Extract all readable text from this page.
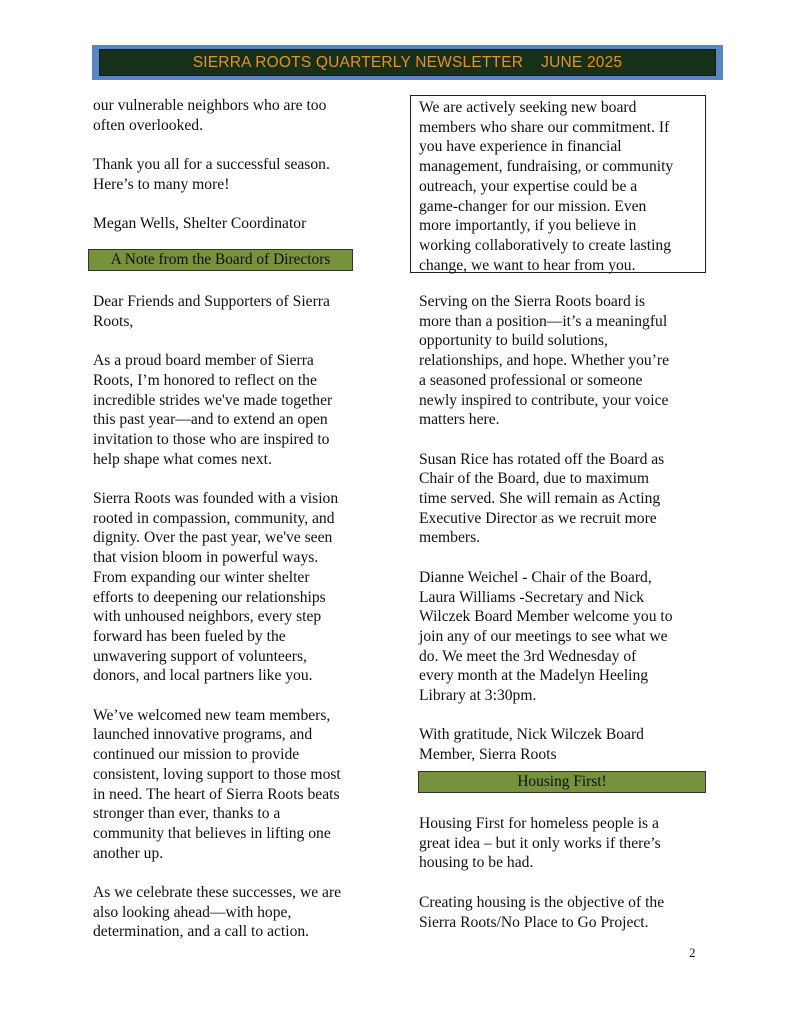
SIERRA ROOTS QUARTERLY NEWSLETTER    JUNE 2025

our vulnerable neighbors who are too
often overlooked.

Thank you all for a successful season.
Here’s to many more!

Megan Wells, Shelter Coordinator

A Note from the Board of Directors

Dear Friends and Supporters of Sierra
Roots,

As a proud board member of Sierra
Roots, I’m honored to reflect on the
incredible strides we've made together
this past year—and to extend an open
invitation to those who are inspired to
help shape what comes next.

Sierra Roots was founded with a vision
rooted in compassion, community, and
dignity. Over the past year, we've seen
that vision bloom in powerful ways.
From expanding our winter shelter
efforts to deepening our relationships
with unhoused neighbors, every step
forward has been fueled by the
unwavering support of volunteers,
donors, and local partners like you.

We’ve welcomed new team members,
launched innovative programs, and
continued our mission to provide
consistent, loving support to those most
in need. The heart of Sierra Roots beats
stronger than ever, thanks to a
community that believes in lifting one
another up.

As we celebrate these successes, we are
also looking ahead—with hope,
determination, and a call to action.

We are actively seeking new board
members who share our commitment. If
you have experience in financial
management, fundraising, or community
outreach, your expertise could be a
game-changer for our mission. Even
more importantly, if you believe in
working collaboratively to create lasting
change, we want to hear from you.

Serving on the Sierra Roots board is
more than a position—it’s a meaningful
opportunity to build solutions,
relationships, and hope. Whether you’re
a seasoned professional or someone
newly inspired to contribute, your voice
matters here.

Susan Rice has rotated off the Board as
Chair of the Board, due to maximum
time served. She will remain as Acting
Executive Director as we recruit more
members.

Dianne Weichel - Chair of the Board,
Laura Williams -Secretary and Nick
Wilczek Board Member welcome you to
join any of our meetings to see what we
do. We meet the 3rd Wednesday of
every month at the Madelyn Heeling
Library at 3:30pm.

With gratitude, Nick Wilczek Board
Member, Sierra Roots

Housing First!

Housing First for homeless people is a
great idea – but it only works if there’s
housing to be had.

Creating housing is the objective of the
Sierra Roots/No Place to Go Project.

2
